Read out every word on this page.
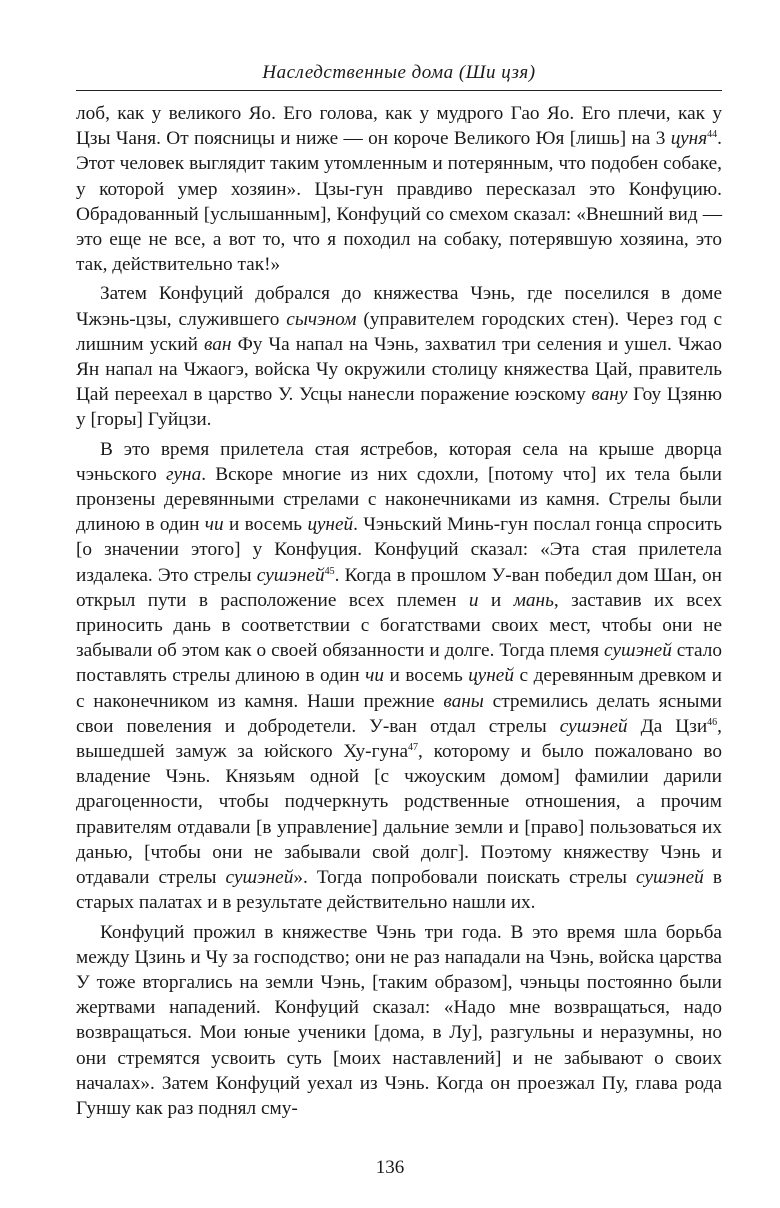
Наследственные дома (Ши цзя)

лоб, как у великого Яо. Его голова, как у мудрого Гао Яо. Его плечи, как у Цзы Чаня. От поясницы и ниже — он короче Великого Юя [лишь] на 3 цуня$^{44}$. Этот человек выглядит таким утомленным и потерянным, что подобен собаке, у которой умер хозяин». Цзы-гун правдиво пересказал это Конфуцию. Обрадованный [услышанным], Конфуций со смехом сказал: «Внешний вид — это еще не все, а вот то, что я походил на собаку, потерявшую хозяина, это так, действительно так!»

Затем Конфуций добрался до княжества Чэнь, где поселился в доме Чжэнь-цзы, служившего сычэном (управителем городских стен). Через год с лишним уский ван Фу Ча напал на Чэнь, захватил три селения и ушел. Чжао Ян напал на Чжаогэ, войска Чу окружили столицу княжества Цай, правитель Цай переехал в царство У. Усцы нанесли поражение юэскому вану Гоу Цзяню у [горы] Гуйцзи.

В это время прилетела стая ястребов, которая села на крыше дворца чэньского гуна. Вскоре многие из них сдохли, [потому что] их тела были пронзены деревянными стрелами с наконечниками из камня. Стрелы были длиною в один чи и восемь цуней. Чэньский Минь-гун послал гонца спросить [о значении этого] у Конфуция. Конфуций сказал: «Эта стая прилетела издалека. Это стрелы сушэней$^{45}$. Когда в прошлом У-ван победил дом Шан, он открыл пути в расположение всех племен и и мань, заставив их всех приносить дань в соответствии с богатствами своих мест, чтобы они не забывали об этом как о своей обязанности и долге. Тогда племя сушэней стало поставлять стрелы длиною в один чи и восемь цуней с деревянным древком и с наконечником из камня. Наши прежние ваны стремились делать ясными свои повеления и добродетели. У-ван отдал стрелы сушэней Да Цзи$^{46}$, вышедшей замуж за юйского Ху-гуна$^{47}$, которому и было пожаловано во владение Чэнь. Князьям одной [с чжоуским домом] фамилии дарили драгоценности, чтобы подчеркнуть родственные отношения, а прочим правителям отдавали [в управление] дальние земли и [право] пользоваться их данью, [чтобы они не забывали свой долг]. Поэтому княжеству Чэнь и отдавали стрелы сушэней». Тогда попробовали поискать стрелы сушэней в старых палатах и в результате действительно нашли их.

Конфуций прожил в княжестве Чэнь три года. В это время шла борьба между Цзинь и Чу за господство; они не раз нападали на Чэнь, войска царства У тоже вторгались на земли Чэнь, [таким образом], чэньцы постоянно были жертвами нападений. Конфуций сказал: «Надо мне возвращаться, надо возвращаться. Мои юные ученики [дома, в Лу], разгульны и неразумны, но они стремятся усвоить суть [моих наставлений] и не забывают о своих началах». Затем Конфуций уехал из Чэнь. Когда он проезжал Пу, глава рода Гуншу как раз поднял сму-

136
